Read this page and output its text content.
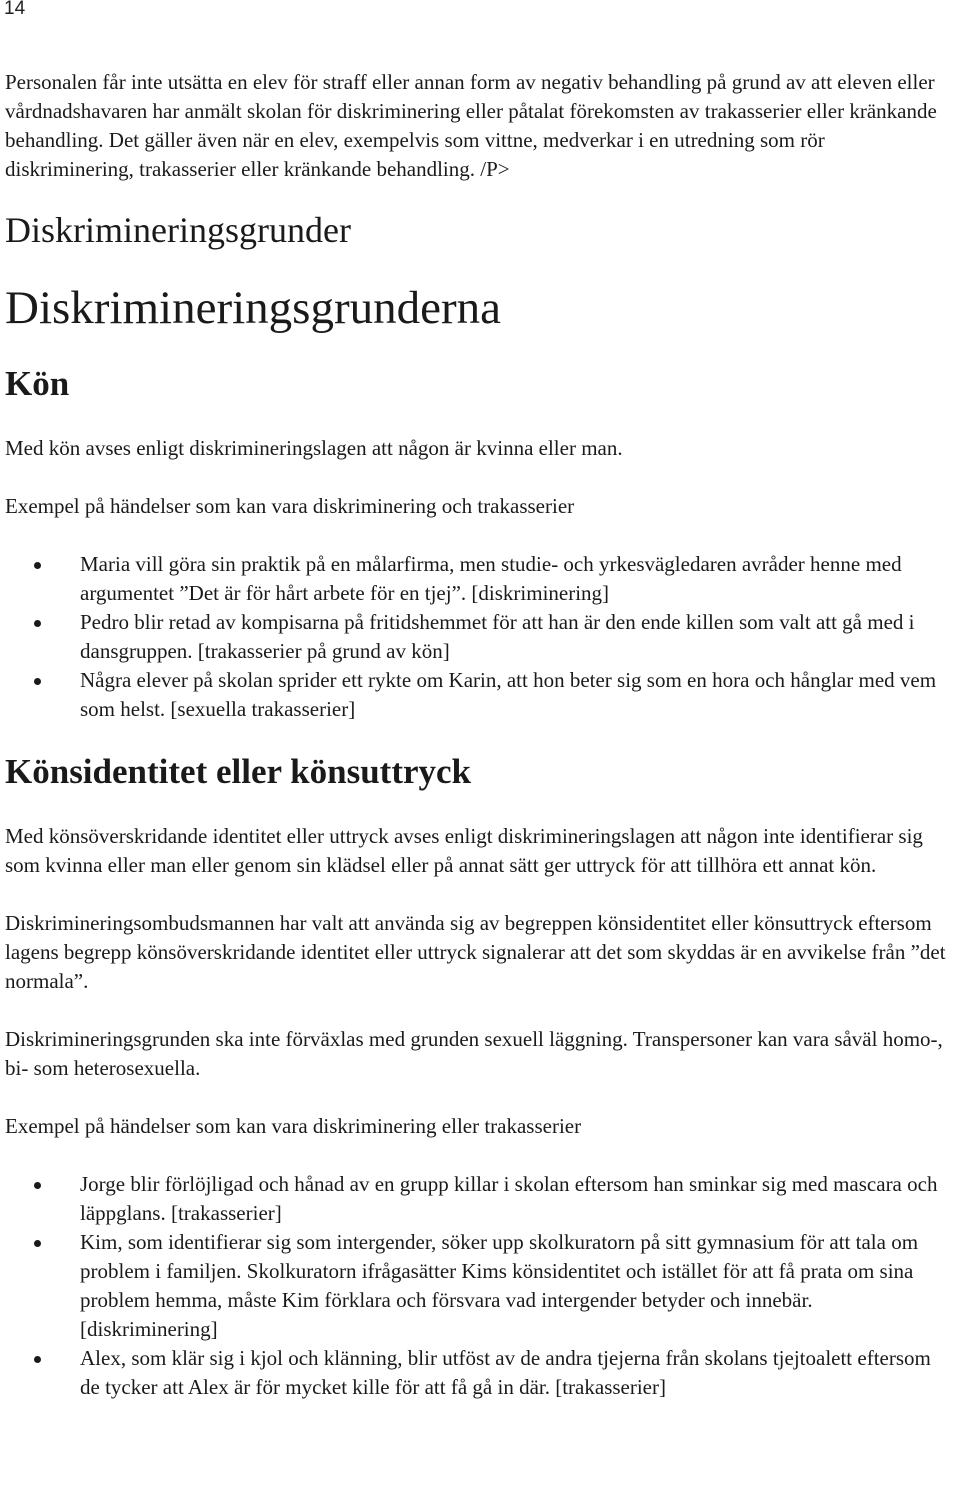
14

Personalen får inte utsätta en elev för straff eller annan form av negativ behandling på grund av att eleven eller vårdnadshavaren har anmält skolan för diskriminering eller påtalat förekomsten av trakasserier eller kränkande behandling. Det gäller även när en elev, exempelvis som vittne, medverkar i en utredning som rör diskriminering, trakasserier eller kränkande behandling. /P>

Diskrimineringsgrunder
Diskrimineringsgrunderna
Kön

Med kön avses enligt diskrimineringslagen att någon är kvinna eller man.

Exempel på händelser som kan vara diskriminering och trakasserier

Maria vill göra sin praktik på en målarfirma, men studie- och yrkesvägledaren avråder henne med argumentet ”Det är för hårt arbete för en tjej”. [diskriminering]
Pedro blir retad av kompisarna på fritidshemmet för att han är den ende killen som valt att gå med i dansgruppen. [trakasserier på grund av kön]
Några elever på skolan sprider ett rykte om Karin, att hon beter sig som en hora och hånglar med vem som helst. [sexuella trakasserier]
Könsidentitet eller könsuttryck

Med könsöverskridande identitet eller uttryck avses enligt diskrimineringslagen att någon inte identifierar sig som kvinna eller man eller genom sin klädsel eller på annat sätt ger uttryck för att tillhöra ett annat kön.

Diskrimineringsombudsmannen har valt att använda sig av begreppen könsidentitet eller könsuttryck eftersom lagens begrepp könsöverskridande identitet eller uttryck signalerar att det som skyddas är en avvikelse från ”det normala”.

Diskrimineringsgrunden ska inte förväxlas med grunden sexuell läggning. Transpersoner kan vara såväl homo-, bi- som heterosexuella.

Exempel på händelser som kan vara diskriminering eller trakasserier

Jorge blir förlöjligad och hånad av en grupp killar i skolan eftersom han sminkar sig med mascara och läppglans. [trakasserier]
Kim, som identifierar sig som intergender, söker upp skolkuratorn på sitt gymnasium för att tala om problem i familjen. Skolkuratorn ifrågasätter Kims könsidentitet och istället för att få prata om sina problem hemma, måste Kim förklara och försvara vad intergender betyder och innebär. [diskriminering]
Alex, som klär sig i kjol och klänning, blir utföst av de andra tjejerna från skolans tjejtoalett eftersom de tycker att Alex är för mycket kille för att få gå in där. [trakasserier]
